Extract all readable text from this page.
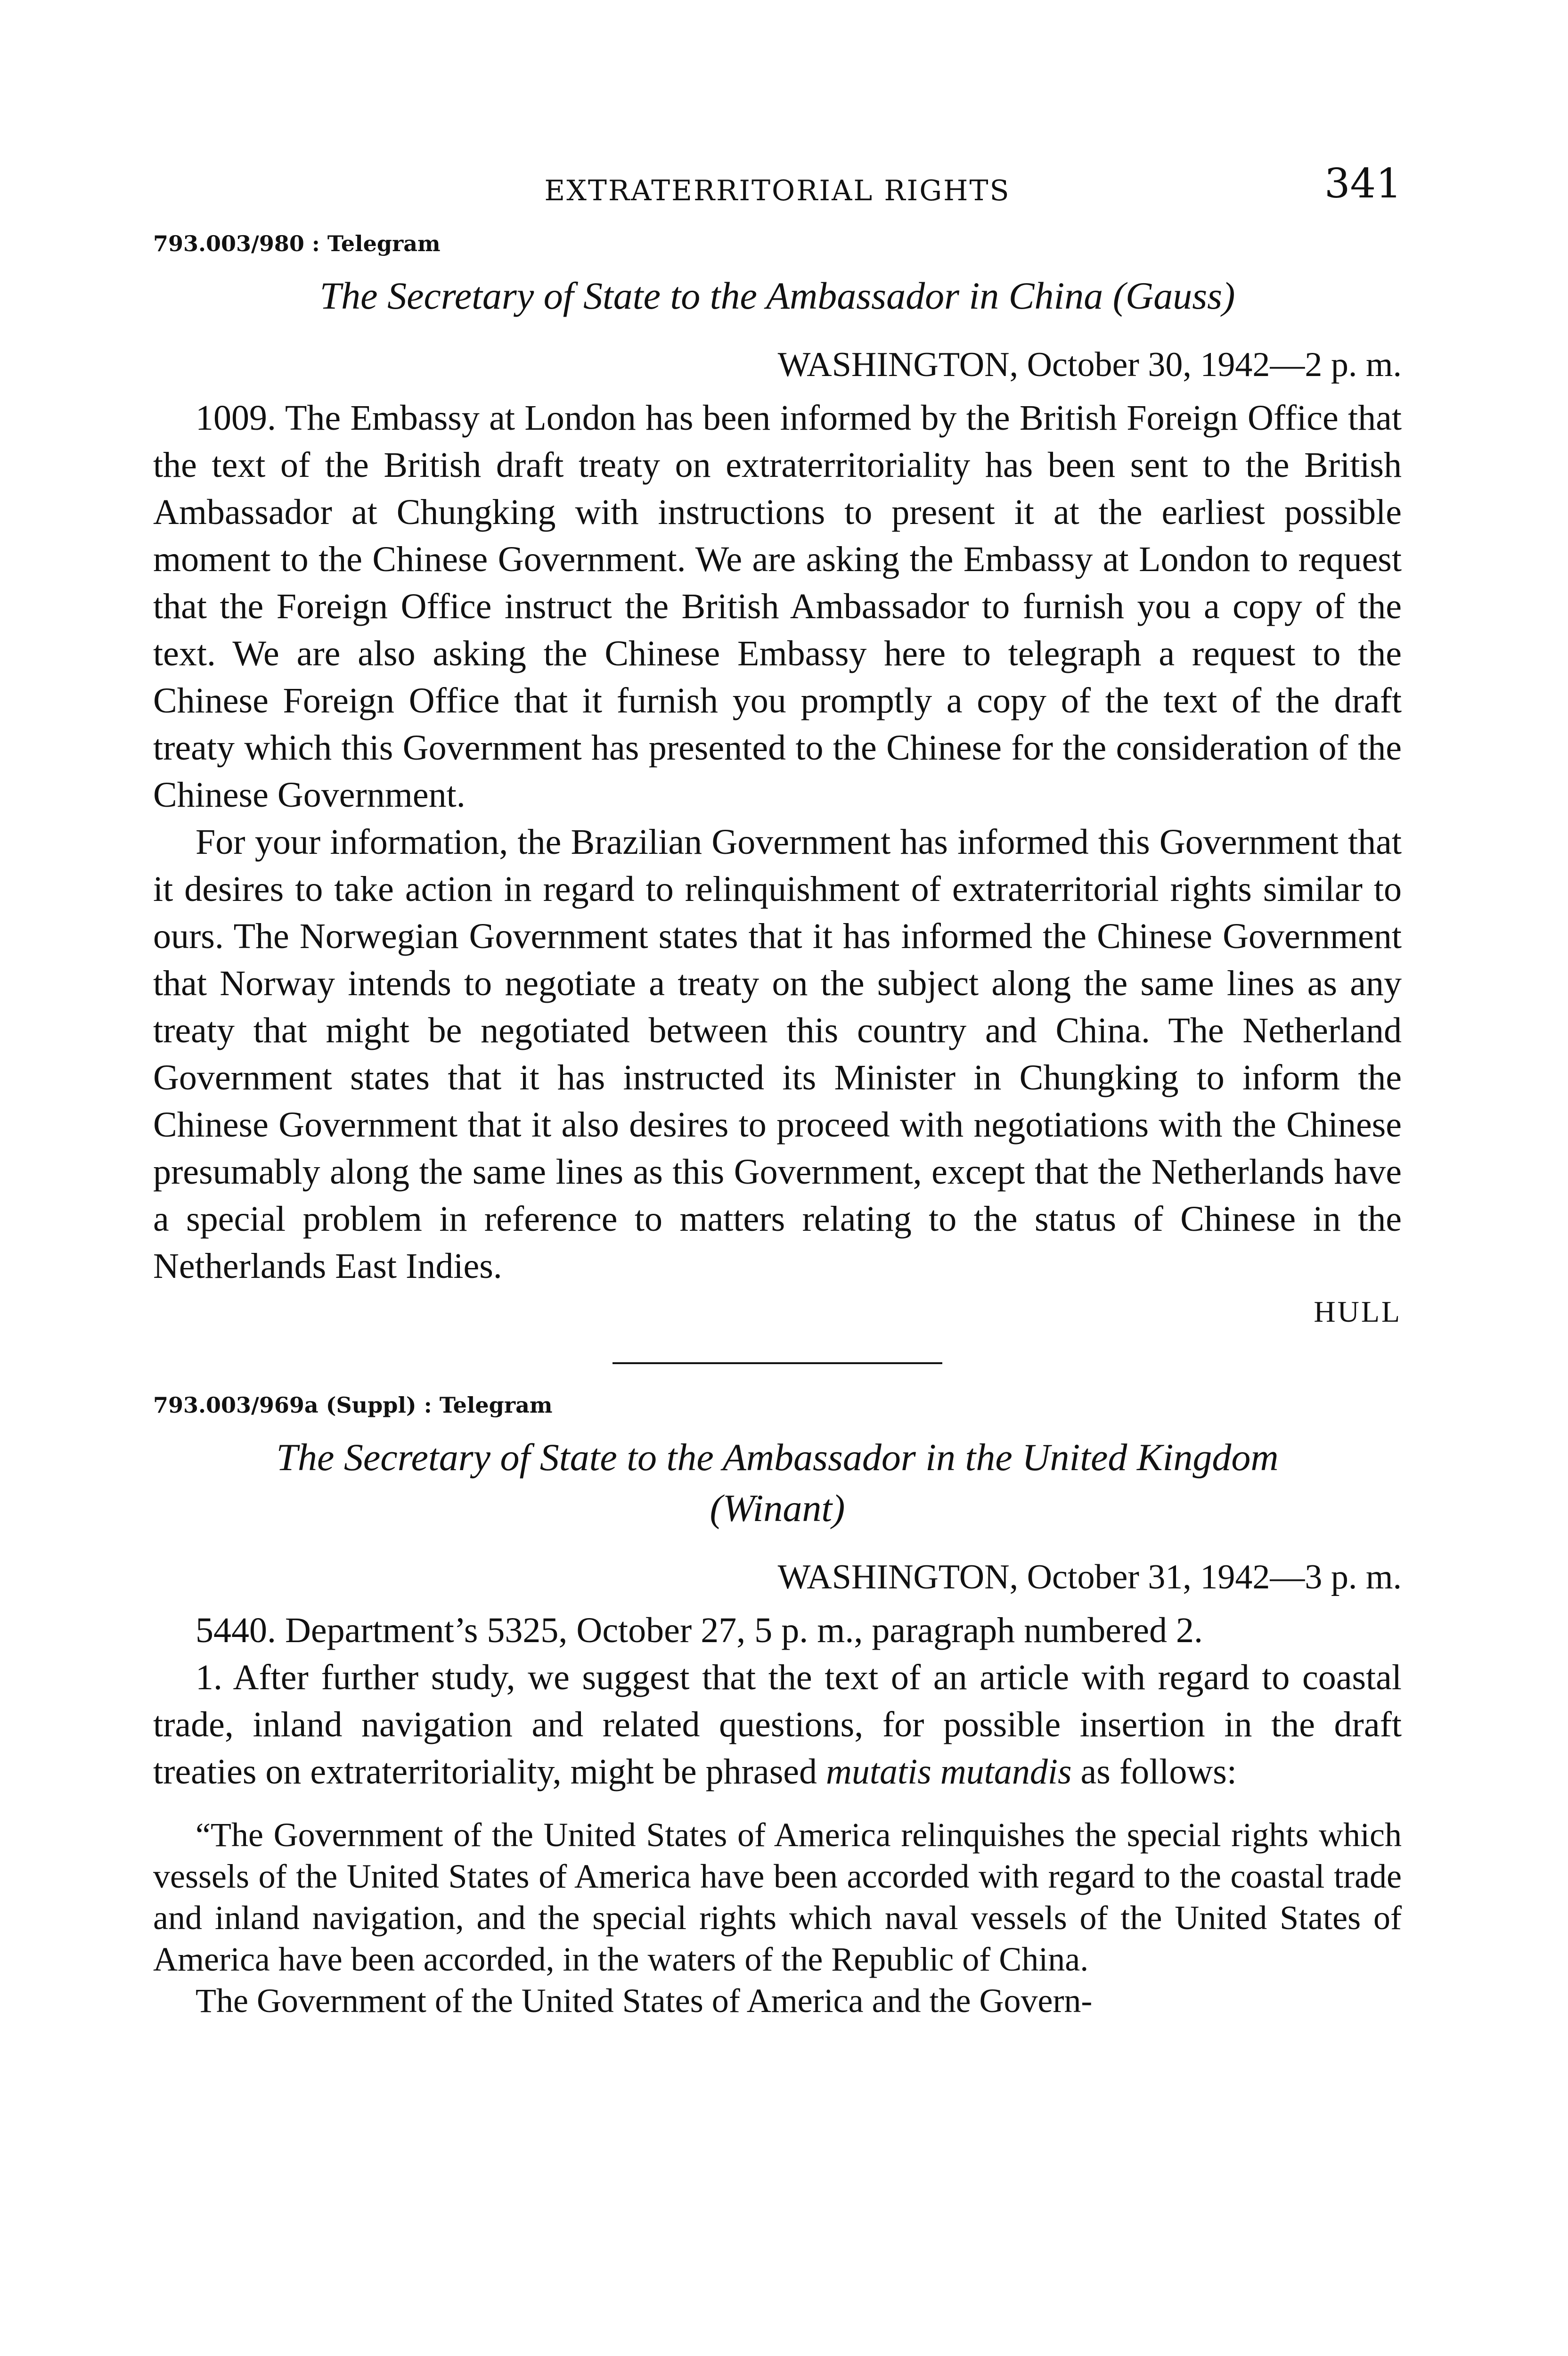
EXTRATERRITORIAL RIGHTS	341
793.003/980 : Telegram
The Secretary of State to the Ambassador in China (Gauss)
WASHINGTON, October 30, 1942—2 p. m.

1009. The Embassy at London has been informed by the British Foreign Office that the text of the British draft treaty on extraterritoriality has been sent to the British Ambassador at Chungking with instructions to present it at the earliest possible moment to the Chinese Government. We are asking the Embassy at London to request that the Foreign Office instruct the British Ambassador to furnish you a copy of the text. We are also asking the Chinese Embassy here to telegraph a request to the Chinese Foreign Office that it furnish you promptly a copy of the text of the draft treaty which this Government has presented to the Chinese for the consideration of the Chinese Government.

For your information, the Brazilian Government has informed this Government that it desires to take action in regard to relinquishment of extraterritorial rights similar to ours. The Norwegian Government states that it has informed the Chinese Government that Norway intends to negotiate a treaty on the subject along the same lines as any treaty that might be negotiated between this country and China. The Netherland Government states that it has instructed its Minister in Chungking to inform the Chinese Government that it also desires to proceed with negotiations with the Chinese presumably along the same lines as this Government, except that the Netherlands have a special problem in reference to matters relating to the status of Chinese in the Netherlands East Indies.

HULL
793.003/969a (Suppl) : Telegram
The Secretary of State to the Ambassador in the United Kingdom
(Winant)
WASHINGTON, October 31, 1942—3 p. m.

5440. Department’s 5325, October 27, 5 p. m., paragraph numbered 2.

1. After further study, we suggest that the text of an article with regard to coastal trade, inland navigation and related questions, for possible insertion in the draft treaties on extraterritoriality, might be phrased mutatis mutandis as follows:

“The Government of the United States of America relinquishes the special rights which vessels of the United States of America have been accorded with regard to the coastal trade and inland navigation, and the special rights which naval vessels of the United States of America have been accorded, in the waters of the Republic of China.

The Government of the United States of America and the Govern-
